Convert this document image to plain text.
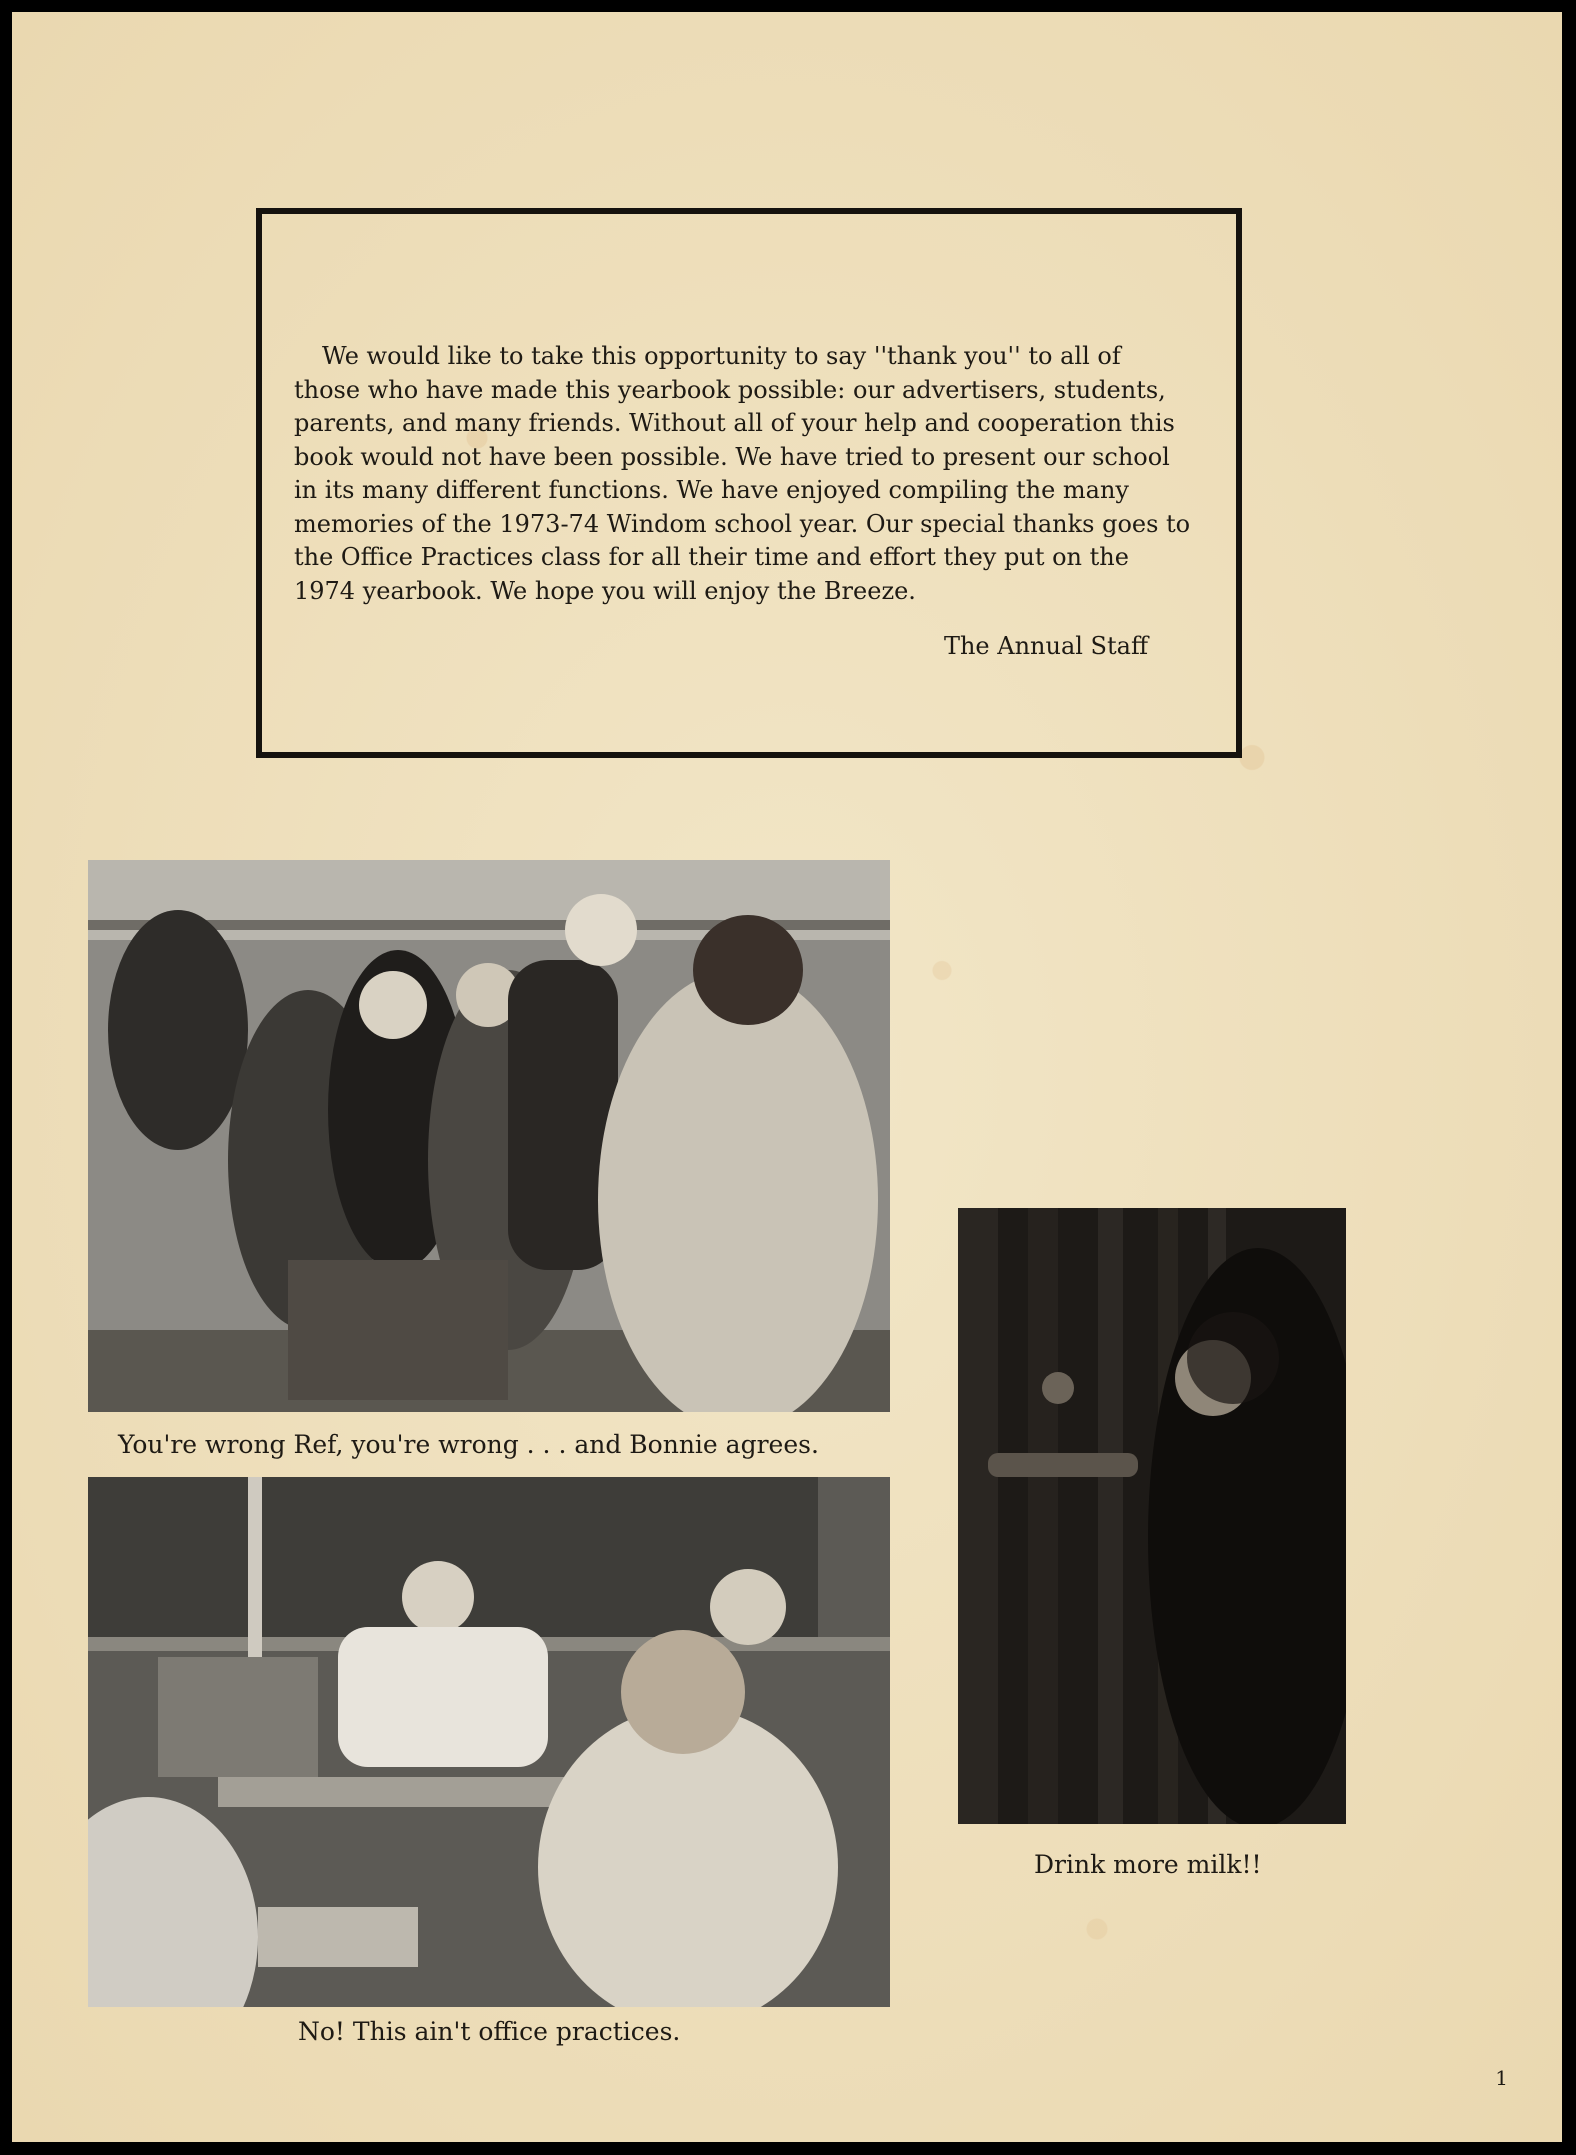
We would like to take this opportunity to say ''thank you'' to all of those who have made this yearbook possible: our advertisers, students, parents, and many friends. Without all of your help and cooperation this book would not have been possible. We have tried to present our school in its many different functions. We have enjoyed compiling the many memories of the 1973-74 Windom school year. Our special thanks goes to the Office Practices class for all their time and effort they put on the 1974 yearbook. We hope you will enjoy the Breeze.
The Annual Staff
You're wrong Ref, you're wrong . . . and Bonnie agrees.
No! This ain't office practices.
Drink more milk!!
1
